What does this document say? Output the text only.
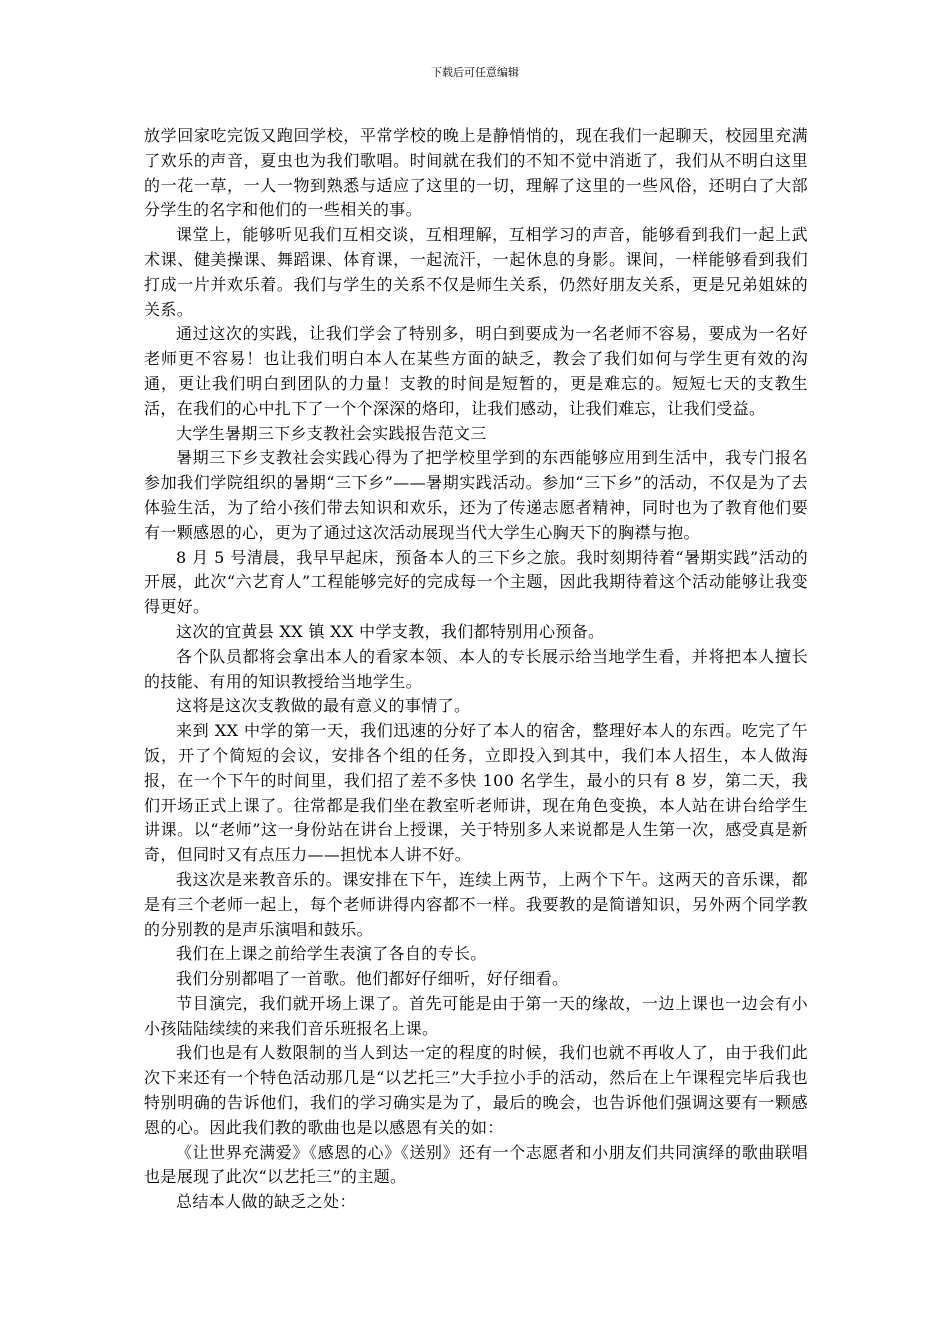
下载后可任意编辑

放学回家吃完饭又跑回学校，平常学校的晚上是静悄悄的，现在我们一起聊天，校园里充满了欢乐的声音，夏虫也为我们歌唱。时间就在我们的不知不觉中消逝了，我们从不明白这里的一花一草，一人一物到熟悉与适应了这里的一切，理解了这里的一些风俗，还明白了大部分学生的名字和他们的一些相关的事。

课堂上，能够听见我们互相交谈，互相理解，互相学习的声音，能够看到我们一起上武术课、健美操课、舞蹈课、体育课，一起流汗，一起休息的身影。课间，一样能够看到我们打成一片并欢乐着。我们与学生的关系不仅是师生关系，仍然好朋友关系，更是兄弟姐妹的关系。

通过这次的实践，让我们学会了特别多，明白到要成为一名老师不容易，要成为一名好老师更不容易！也让我们明白本人在某些方面的缺乏，教会了我们如何与学生更有效的沟通，更让我们明白到团队的力量！支教的时间是短暂的，更是难忘的。短短七天的支教生活，在我们的心中扎下了一个个深深的烙印，让我们感动，让我们难忘，让我们受益。

大学生暑期三下乡支教社会实践报告范文三

暑期三下乡支教社会实践心得为了把学校里学到的东西能够应用到生活中，我专门报名参加我们学院组织的暑期“三下乡”——暑期实践活动。参加“三下乡”的活动，不仅是为了去体验生活，为了给小孩们带去知识和欢乐，还为了传递志愿者精神，同时也为了教育他们要有一颗感恩的心，更为了通过这次活动展现当代大学生心胸天下的胸襟与抱。

8 月 5 号清晨，我早早起床，预备本人的三下乡之旅。我时刻期待着“暑期实践”活动的开展，此次“六艺育人”工程能够完好的完成每一个主题，因此我期待着这个活动能够让我变得更好。

这次的宜黄县 XX 镇 XX 中学支教，我们都特别用心预备。

各个队员都将会拿出本人的看家本领、本人的专长展示给当地学生看，并将把本人擅长的技能、有用的知识教授给当地学生。

这将是这次支教做的最有意义的事情了。

来到 XX 中学的第一天，我们迅速的分好了本人的宿舍，整理好本人的东西。吃完了午饭，开了个简短的会议，安排各个组的任务，立即投入到其中，我们本人招生，本人做海报，在一个下午的时间里，我们招了差不多快 100 名学生，最小的只有 8 岁，第二天，我们开场正式上课了。往常都是我们坐在教室听老师讲，现在角色变换，本人站在讲台给学生讲课。以“老师”这一身份站在讲台上授课，关于特别多人来说都是人生第一次，感受真是新奇，但同时又有点压力——担忧本人讲不好。

我这次是来教音乐的。课安排在下午，连续上两节，上两个下午。这两天的音乐课，都是有三个老师一起上，每个老师讲得内容都不一样。我要教的是简谱知识，另外两个同学教的分别教的是声乐演唱和鼓乐。

我们在上课之前给学生表演了各自的专长。

我们分别都唱了一首歌。他们都好仔细听，好仔细看。

节目演完，我们就开场上课了。首先可能是由于第一天的缘故，一边上课也一边会有小小孩陆陆续续的来我们音乐班报名上课。

我们也是有人数限制的当人到达一定的程度的时候，我们也就不再收人了，由于我们此次下来还有一个特色活动那几是“以艺托三”大手拉小手的活动，然后在上午课程完毕后我也特别明确的告诉他们，我们的学习确实是为了，最后的晚会，也告诉他们强调这要有一颗感恩的心。因此我们教的歌曲也是以感恩有关的如：

《让世界充满爱》《感恩的心》《送别》还有一个志愿者和小朋友们共同演绎的歌曲联唱也是展现了此次“以艺托三”的主题。

总结本人做的缺乏之处：
